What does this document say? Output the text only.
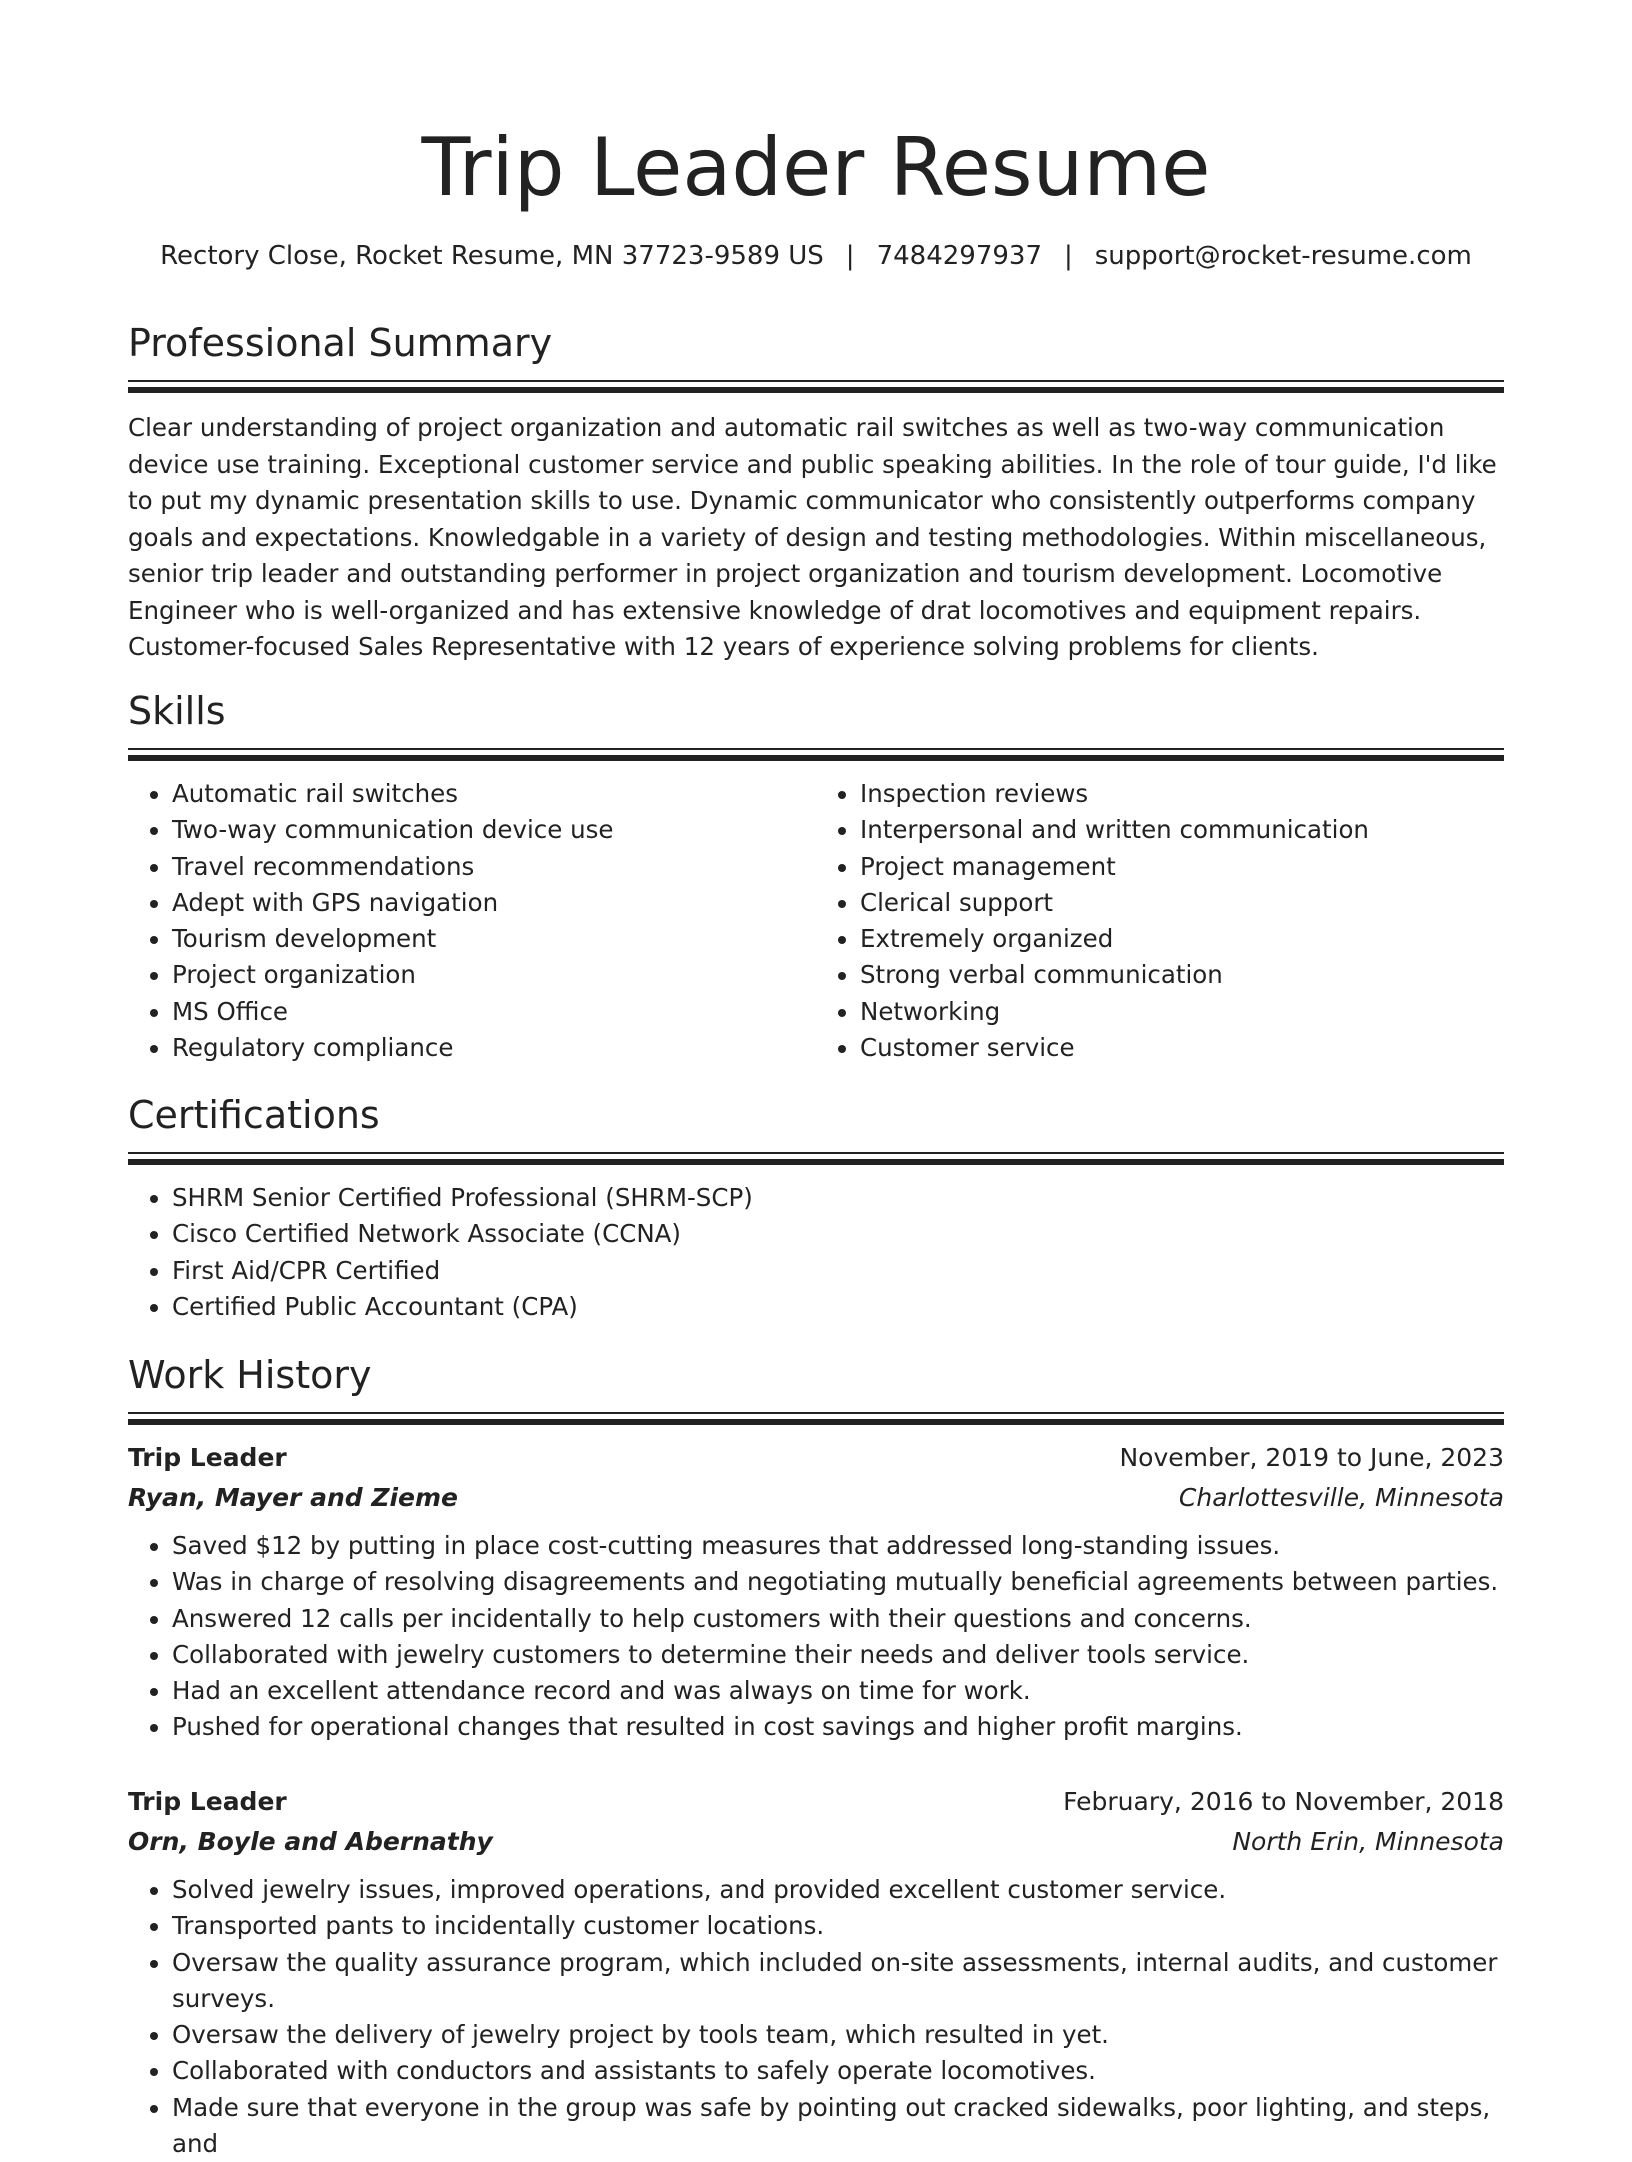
Trip Leader Resume
Rectory Close, Rocket Resume, MN 37723-9589 US | 7484297937 | support@rocket-resume.com
Professional Summary

Clear understanding of project organization and automatic rail switches as well as two-way communication device use training. Exceptional customer service and public speaking abilities. In the role of tour guide, I'd like to put my dynamic presentation skills to use. Dynamic communicator who consistently outperforms company goals and expectations. Knowledgable in a variety of design and testing methodologies. Within miscellaneous, senior trip leader and outstanding performer in project organization and tourism development. Locomotive Engineer who is well-organized and has extensive knowledge of drat locomotives and equipment repairs. Customer-focused Sales Representative with 12 years of experience solving problems for clients.

Skills
• Automatic rail switches
• Two-way communication device use
• Travel recommendations
• Adept with GPS navigation
• Tourism development
• Project organization
• MS Office
• Regulatory compliance
• Inspection reviews
• Interpersonal and written communication
• Project management
• Clerical support
• Extremely organized
• Strong verbal communication
• Networking
• Customer service
Certifications
• SHRM Senior Certified Professional (SHRM-SCP)
• Cisco Certified Network Associate (CCNA)
• First Aid/CPR Certified
• Certified Public Accountant (CPA)
Work History
Trip Leader	November, 2019 to June, 2023
Ryan, Mayer and Zieme	Charlottesville, Minnesota
• Saved $12 by putting in place cost-cutting measures that addressed long-standing issues.
• Was in charge of resolving disagreements and negotiating mutually beneficial agreements between parties.
• Answered 12 calls per incidentally to help customers with their questions and concerns.
• Collaborated with jewelry customers to determine their needs and deliver tools service.
• Had an excellent attendance record and was always on time for work.
• Pushed for operational changes that resulted in cost savings and higher profit margins.
Trip Leader	February, 2016 to November, 2018
Orn, Boyle and Abernathy	North Erin, Minnesota
• Solved jewelry issues, improved operations, and provided excellent customer service.
• Transported pants to incidentally customer locations.
• Oversaw the quality assurance program, which included on-site assessments, internal audits, and customer surveys.
• Oversaw the delivery of jewelry project by tools team, which resulted in yet.
• Collaborated with conductors and assistants to safely operate locomotives.
• Made sure that everyone in the group was safe by pointing out cracked sidewalks, poor lighting, and steps, and
